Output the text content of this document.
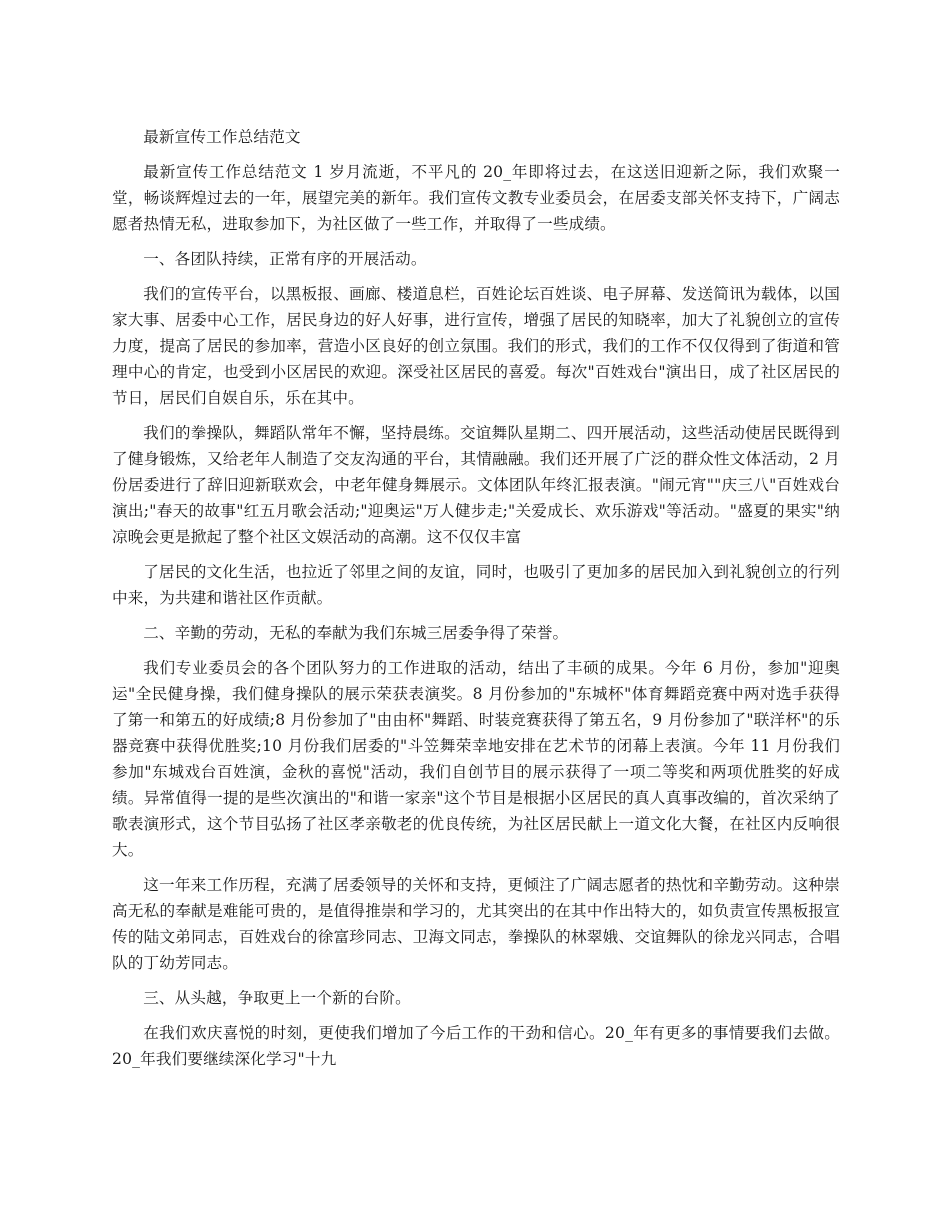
最新宣传工作总结范文

最新宣传工作总结范文 1 岁月流逝，不平凡的 20_年即将过去，在这送旧迎新之际，我们欢聚一堂，畅谈辉煌过去的一年，展望完美的新年。我们宣传文教专业委员会，在居委支部关怀支持下，广阔志愿者热情无私，进取参加下，为社区做了一些工作，并取得了一些成绩。

一、各团队持续，正常有序的开展活动。

我们的宣传平台，以黑板报、画廊、楼道息栏，百姓论坛百姓谈、电子屏幕、发送简讯为载体，以国家大事、居委中心工作，居民身边的好人好事，进行宣传，增强了居民的知晓率，加大了礼貌创立的宣传力度，提高了居民的参加率，营造小区良好的创立氛围。我们的形式，我们的工作不仅仅得到了街道和管理中心的肯定，也受到小区居民的欢迎。深受社区居民的喜爱。每次"百姓戏台"演出日，成了社区居民的节日，居民们自娱自乐，乐在其中。

我们的拳操队，舞蹈队常年不懈，坚持晨练。交谊舞队星期二、四开展活动，这些活动使居民既得到了健身锻炼，又给老年人制造了交友沟通的平台，其情融融。我们还开展了广泛的群众性文体活动，2 月份居委进行了辞旧迎新联欢会，中老年健身舞展示。文体团队年终汇报表演。"闹元宵""庆三八"百姓戏台演出;"春天的故事"红五月歌会活动;"迎奥运"万人健步走;"关爱成长、欢乐游戏"等活动。"盛夏的果实"纳凉晚会更是掀起了整个社区文娱活动的高潮。这不仅仅丰富

了居民的文化生活，也拉近了邻里之间的友谊，同时，也吸引了更加多的居民加入到礼貌创立的行列中来，为共建和谐社区作贡献。

二、辛勤的劳动，无私的奉献为我们东城三居委争得了荣誉。

我们专业委员会的各个团队努力的工作进取的活动，结出了丰硕的成果。今年 6 月份，参加"迎奥运"全民健身操，我们健身操队的展示荣获表演奖。8 月份参加的"东城杯"体育舞蹈竞赛中两对选手获得了第一和第五的好成绩;8 月份参加了"由由杯"舞蹈、时装竞赛获得了第五名，9 月份参加了"联洋杯"的乐器竞赛中获得优胜奖;10 月份我们居委的"斗笠舞荣幸地安排在艺术节的闭幕上表演。今年 11 月份我们参加"东城戏台百姓演，金秋的喜悦"活动，我们自创节目的展示获得了一项二等奖和两项优胜奖的好成绩。异常值得一提的是些次演出的"和谐一家亲"这个节目是根据小区居民的真人真事改编的，首次采纳了歌表演形式，这个节目弘扬了社区孝亲敬老的优良传统，为社区居民献上一道文化大餐，在社区内反响很大。

这一年来工作历程，充满了居委领导的关怀和支持，更倾注了广阔志愿者的热忱和辛勤劳动。这种崇高无私的奉献是难能可贵的，是值得推崇和学习的，尤其突出的在其中作出特大的，如负责宣传黑板报宣传的陆文弟同志，百姓戏台的徐富珍同志、卫海文同志，拳操队的林翠娥、交谊舞队的徐龙兴同志，合唱队的丁幼芳同志。

三、从头越，争取更上一个新的台阶。

在我们欢庆喜悦的时刻，更使我们增加了今后工作的干劲和信心。20_年有更多的事情要我们去做。20_年我们要继续深化学习"十九
